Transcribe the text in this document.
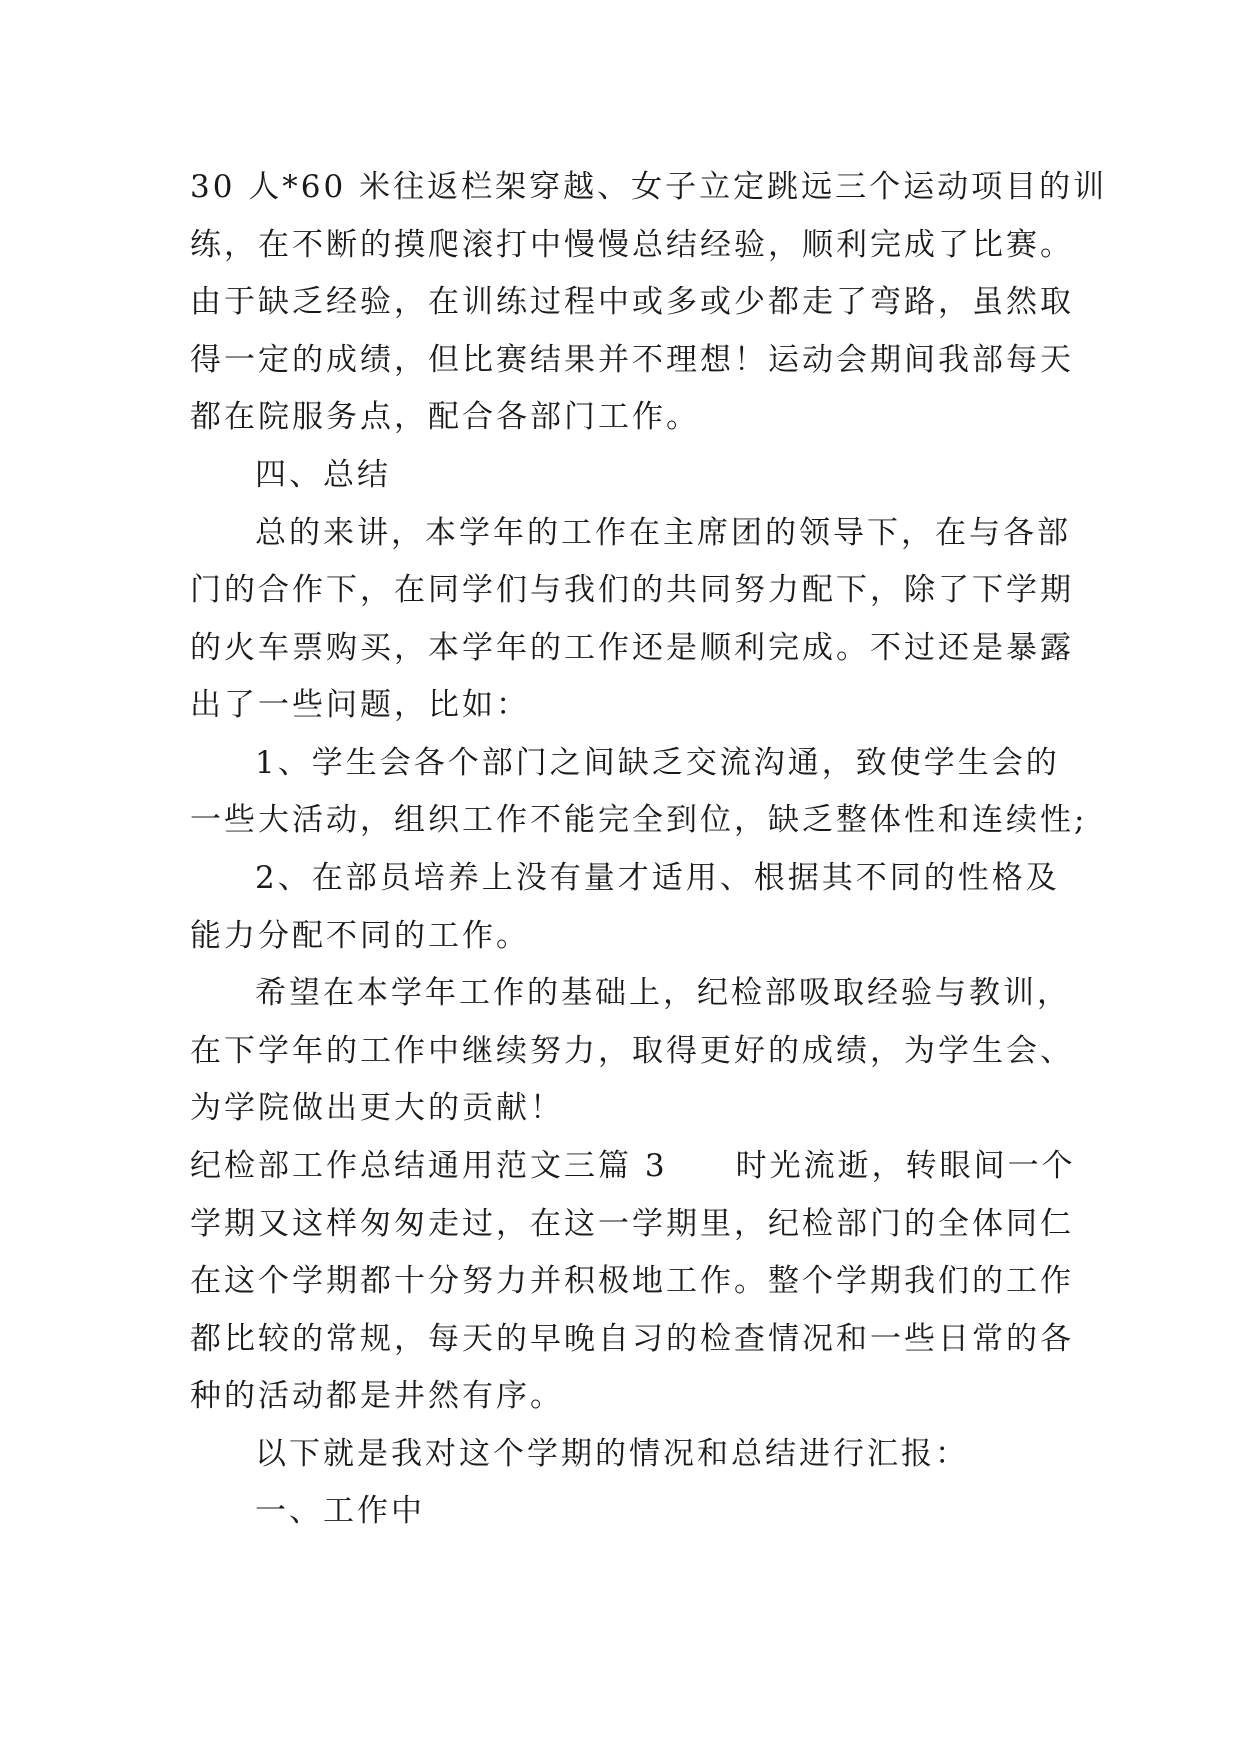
30 人*60 米往返栏架穿越、女子立定跳远三个运动项目的训
练，在不断的摸爬滚打中慢慢总结经验，顺利完成了比赛。
由于缺乏经验，在训练过程中或多或少都走了弯路，虽然取
得一定的成绩，但比赛结果并不理想！运动会期间我部每天
都在院服务点，配合各部门工作。
四、总结
总的来讲，本学年的工作在主席团的领导下，在与各部
门的合作下，在同学们与我们的共同努力配下，除了下学期
的火车票购买，本学年的工作还是顺利完成。不过还是暴露
出了一些问题，比如：
1、学生会各个部门之间缺乏交流沟通，致使学生会的
一些大活动，组织工作不能完全到位，缺乏整体性和连续性;
2、在部员培养上没有量才适用、根据其不同的性格及
能力分配不同的工作。
希望在本学年工作的基础上，纪检部吸取经验与教训，
在下学年的工作中继续努力，取得更好的成绩，为学生会、
为学院做出更大的贡献！
纪检部工作总结通用范文三篇 3　　时光流逝，转眼间一个
学期又这样匆匆走过，在这一学期里，纪检部门的全体同仁
在这个学期都十分努力并积极地工作。整个学期我们的工作
都比较的常规，每天的早晚自习的检查情况和一些日常的各
种的活动都是井然有序。
以下就是我对这个学期的情况和总结进行汇报：
一、工作中
